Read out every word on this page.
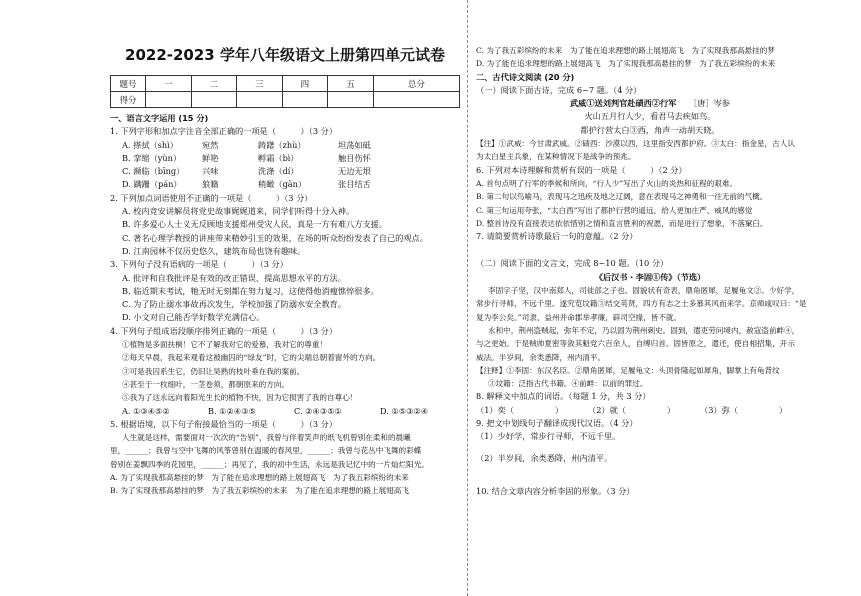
2022-2023 学年八年级语文上册第四单元试卷
题号	一	二	三	四	五	总分
得分						
一、语言文字运用 (15 分)
1. 下列字形和加点字注音全部正确的一项是（　　　）（3 分）
A. 搽拭（shì）	宛然	踌躇（zhù）	坦荡如砥
B. 挛缩（yùn）	鲜艳	孵霜（bì）	触目伤怀
C. 濒临（bīng）	兴味	洗涤（dí）	无边无垠
D. 蹒跚（pán）	狼籍	稍瞰（gān）	张目结舌
2. 下列加点词语使用不正确的一项是（　　　）（3 分）
A. 校内竞安讲解员将党史故事娓娓道来，同学们听得十分入神。
B. 许多爱心人士义无反顾地支援郑州受灾人民，真是一方有难八方支援。
C. 著名心理学教授的讲座带来精妙引玉的效果，在场的听众纷纷发表了自己的观点。
D. 江南园林不仅历史悠久，建筑布局也饶有趣味。
3. 下列句子没有语病的一项是（　　　）（3 分）
A. 批评和自我批评是有效的改正错误、提高思想水平的方法。
B. 临近期末考试，牠无时无刻都在努力复习，这使得他消瘦憔悴很多。
C. 为了防止溺水事故再次发生，学校加强了防溺水安全教育。
D. 小文对自己能否学好数学充满信心。
4. 下列句子组成语段顺序排列正确的一项是（　　　）（3 分）
①植物是多面扶桐！它不了解我对它的爱慕，我对它的尊重！
②每天早晨，我起来观看这被幽囚的“绿友”时，它的尖端总朝着窗外的方向。
③可是我囚系生它，仍旧让昊熟的枝叶垂在我的案前。
④甚至于一枚细叶，一茎卷须，都朝原来的方向。
⑤我为了这永远向着阳光生长的植物不快，因为它损害了我的自尊心！
A. ①③④⑤②	B. ①②④③⑤	C. ②④③⑤①	D. ①⑤③②④
5. 根据语境，以下句子衔接最恰当的一项是（　　　）（3 分）
人生就是这样，需要面对一次次的“告别”，我曾与伴着笑声的纸飞机曾别在柔和的晨曦
里，______；我曾与空中飞舞的风筝曾别在温暖的春风里，______；我曾与花丛中飞舞的彩蝶
曾别在姜飘四季的花园里，______；再见了，我的初中生活，永远是我记忆中的一片灿烂阳光。
A. 为了实现我那高悬挂的梦　为了能在追求理想的路上展翅高飞　为了我五彩缤纷的未来
B. 为了实现我那高悬挂的梦　为了我五彩缤纷的未来　为了能在追求理想的路上展翅高飞
C. 为了我五彩缤纷的未来　为了能在追求理想的路上展翅高飞　为了实现我那高悬挂的梦
D. 为了能在追求理想的路上展翅高飞　为了实现我那高悬挂的梦　为了我五彩缤纷的未来
二、古代诗文阅读 (20 分)
（一）阅读下面古诗，完成 6~7 题。（4 分）
武威①送刘判官赴碛西②行军 ［唐］岑参
火山五月行人少，看君马去疾如鸟。
都护行营太白③西，角声一动胡天晓。
【注】①武威：今甘肃武威。②碛西：沙漠以西，这里指安西都护府。③太白：指金星，古人认
为太白星主兵象，在某种情况下是战争的预兆。
6. 下列对本诗理解和赏析有误的一项是（　　　）（2 分）
A. 首句点明了行军的季候和所向，“行人少”写出了火山的炎热和征程的艰难。
B. 第二句以鸟喻马，表现马之迅疾及地之辽阔，意在表现马之神勇和一往无前的气概。
C. 第三句运用夸张，“太白西”写出了都护行营的遥远，给人更加庄严、威风的感觉
D. 整首诗没有直接表达依依惜别之情和直言胜利的祝愿，而是进行了想象，不落窠臼。
7. 请简要赏析诗歌最后一句的意蕴。（2 分）
（二）阅读下面的文言文，完成 8~10 题。（10 分）
《后汉书・李固①传》（节选）
李固字子坚，汉中南郑人，司徒郃之子也。固貌状有奇表，鼎角匿犀，足履龟文②。少好学，
常步行寻师，不远千里。遂究览坟籍③结交英贤，四方有志之士多慕其风而来学。京师咸叹曰：“是
复为李公矣。”司隶、益州并命郡举孝廉，辟司空掾，皆不就。
永和中，荆州盗贼起，弥年不定，乃以固为荆州刺史。固到，遣吏劳问境内，赦寇盗前衅④，
与之更始。于是贼帅夏密等敛其魁党六百余人，自缚归首。固皆原之，遣还，使自相招集，开示
威法。半岁间，余类悉降，州内清平。
【注释】①李固：东汉名臣。②鼎角匿犀，足履龟文：头顶骨隆起如犀角，脚掌上有龟背纹
③坟籍：泛指古代书籍。④前衅：以前的罪过。
8. 解释文中加点的词语。（每题 1 分，共 3 分）
（1）奕（　　　　　）	（2）就（　　　　　）	（3）弥（　　　　　）
9. 把文中划线句子翻译成现代汉语。（4 分）
（1）少好学，常步行寻师，不远千里。
（2）半岁间，余类悉降，州内清平。
10. 结合文章内容分析李固的形象。（3 分）
